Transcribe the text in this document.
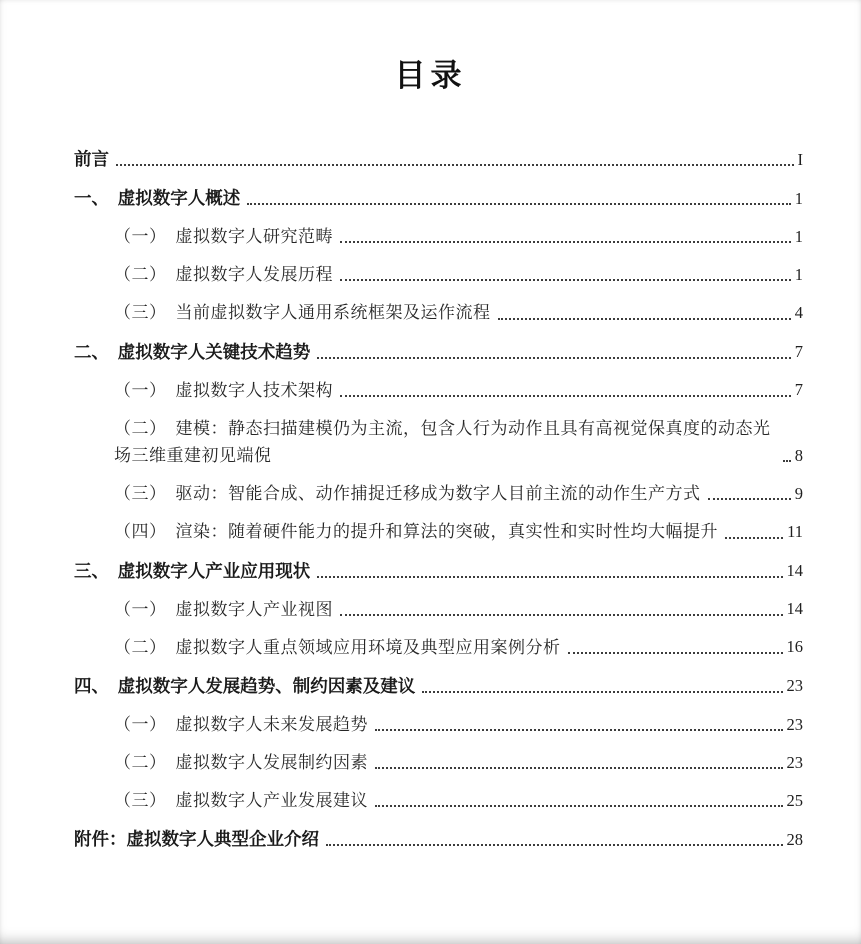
目录
前言	I
一、　虚拟数字人概述	1
（一）　虚拟数字人研究范畴	1
（二）　虚拟数字人发展历程	1
（三）　当前虚拟数字人通用系统框架及运作流程	4
二、　虚拟数字人关键技术趋势	7
（一）　虚拟数字人技术架构	7
（二）　建模：静态扫描建模仍为主流，包含人行为动作且具有高视觉保真度的动态光场三维重建初见端倪	8
（三）　驱动：智能合成、动作捕捉迁移成为数字人目前主流的动作生产方式	9
（四）　渲染：随着硬件能力的提升和算法的突破，真实性和实时性均大幅提升	11
三、　虚拟数字人产业应用现状	14
（一）　虚拟数字人产业视图	14
（二）　虚拟数字人重点领域应用环境及典型应用案例分析	16
四、　虚拟数字人发展趋势、制约因素及建议	23
（一）　虚拟数字人未来发展趋势	23
（二）　虚拟数字人发展制约因素	23
（三）　虚拟数字人产业发展建议	25
附件：虚拟数字人典型企业介绍	28
